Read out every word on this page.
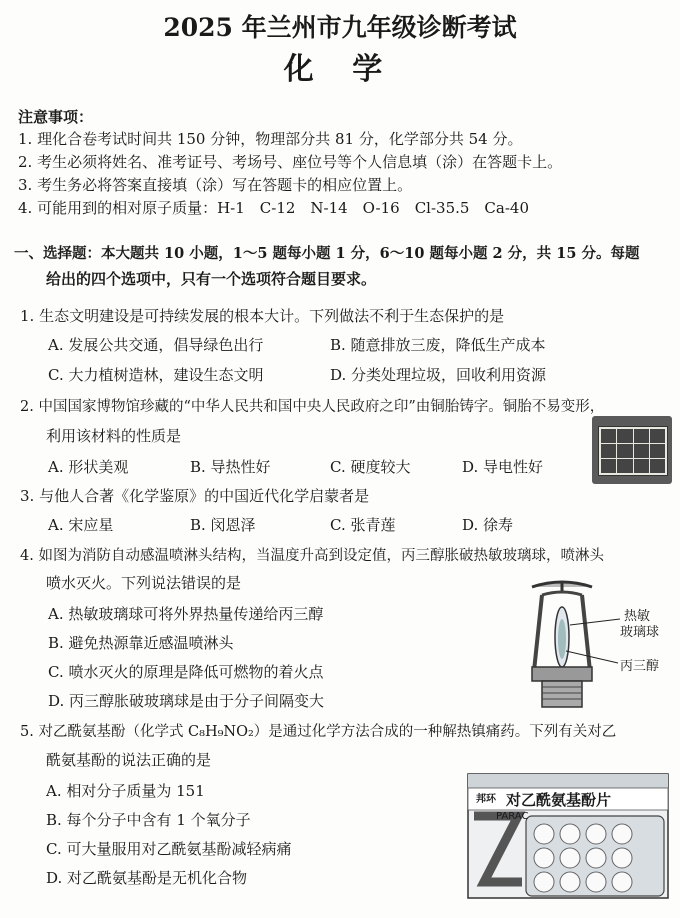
2025 年兰州市九年级诊断考试
化 学
注意事项：
1. 理化合卷考试时间共 150 分钟，物理部分共 81 分，化学部分共 54 分。
2. 考生必须将姓名、准考证号、考场号、座位号等个人信息填（涂）在答题卡上。
3. 考生务必将答案直接填（涂）写在答题卡的相应位置上。
4. 可能用到的相对原子质量：H-1　C-12　N-14　O-16　Cl-35.5　Ca-40
一、选择题：本大题共 10 小题，1～5 题每小题 1 分，6～10 题每小题 2 分，共 15 分。每题
给出的四个选项中，只有一个选项符合题目要求。
1. 生态文明建设是可持续发展的根本大计。下列做法不利于生态保护的是
A. 发展公共交通，倡导绿色出行	B. 随意排放三废，降低生产成本
C. 大力植树造林，建设生态文明	D. 分类处理垃圾，回收利用资源
2. 中国国家博物馆珍藏的“中华人民共和国中央人民政府之印”由铜胎铸字。铜胎不易变形，
利用该材料的性质是
A. 形状美观	B. 导热性好	C. 硬度较大	D. 导电性好
3. 与他人合著《化学鉴原》的中国近代化学启蒙者是
A. 宋应星	B. 闵恩泽	C. 张青莲	D. 徐寿
4. 如图为消防自动感温喷淋头结构，当温度升高到设定值，丙三醇胀破热敏玻璃球，喷淋头
喷水灭火。下列说法错误的是
A. 热敏玻璃球可将外界热量传递给丙三醇
B. 避免热源靠近感温喷淋头
C. 喷水灭火的原理是降低可燃物的着火点
D. 丙三醇胀破玻璃球是由于分子间隔变大
热敏
玻璃球
丙三醇
5. 对乙酰氨基酚（化学式 C₈H₉NO₂）是通过化学方法合成的一种解热镇痛药。下列有关对乙
酰氨基酚的说法正确的是
A. 相对分子质量为 151
B. 每个分子中含有 1 个氧分子
C. 可大量服用对乙酰氨基酚减轻病痛
D. 对乙酰氨基酚是无机化合物
邦环 对乙酰氨基酚片
PARAC
